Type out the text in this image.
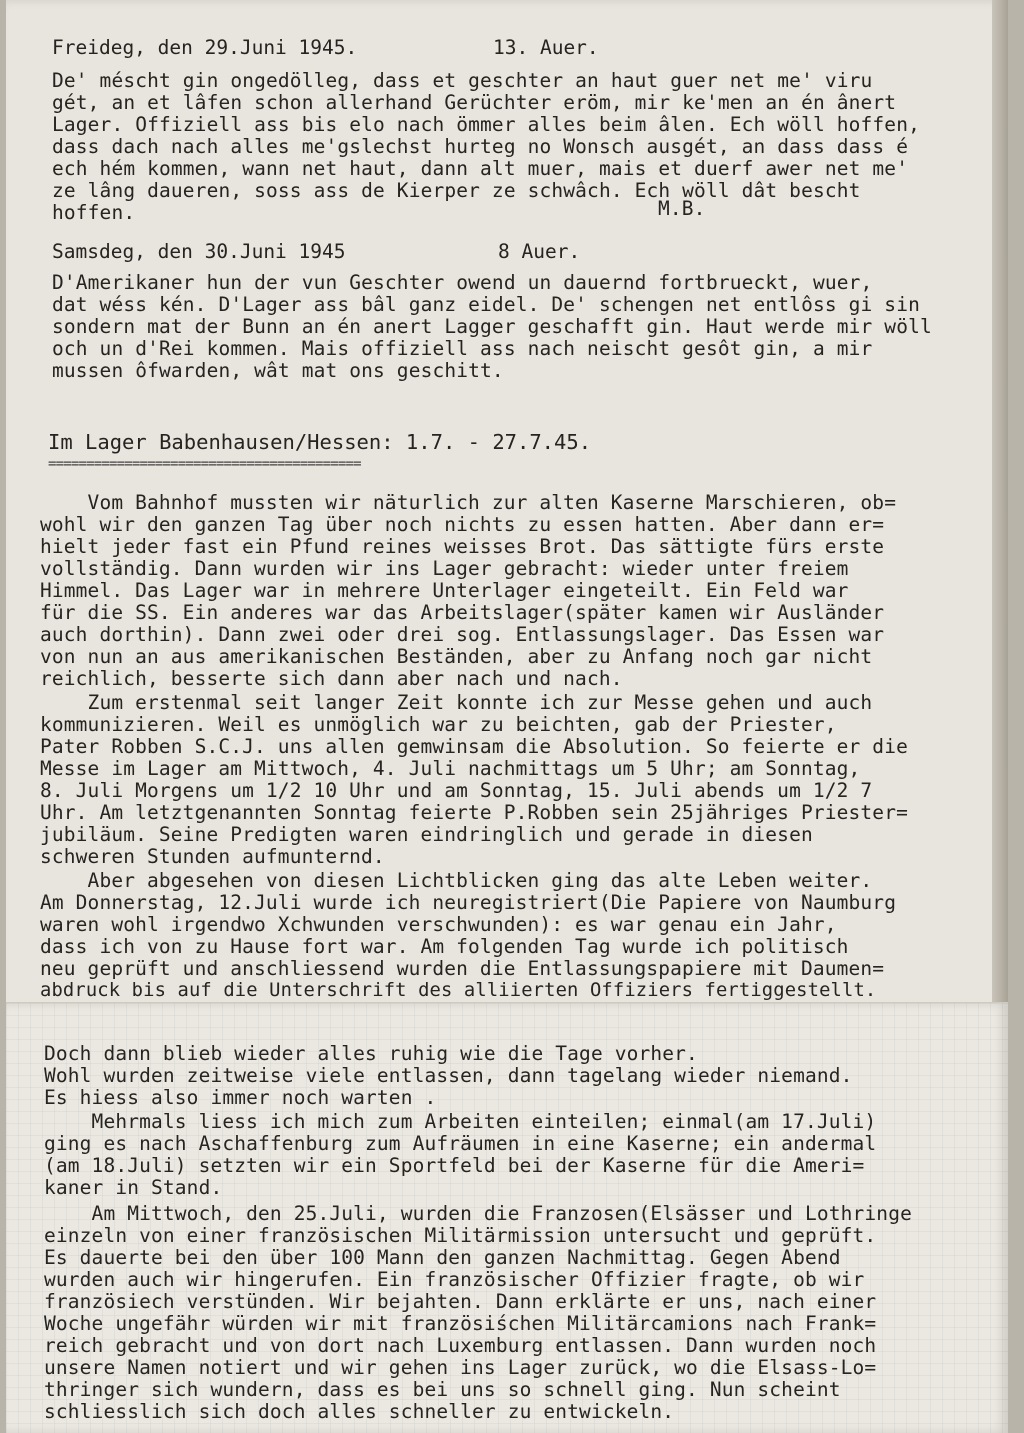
Freideg, den 29.Juni 1945.	13. Auer.

De' méscht gin ongedölleg, dass et geschter an haut guer net me' viru

gét, an et lâfen schon allerhand Gerüchter eröm, mir ke'men an én ânert

Lager. Offiziell ass bis elo nach ömmer alles beim âlen. Ech wöll hoffen,

dass dach nach alles me'gslechst hurteg no Wonsch ausgét, an dass dass é

ech hém kommen, wann net haut, dann alt muer, mais et duerf awer net me'

ze lâng daueren, soss ass de Kierper ze schwâch. Ech wöll dât bescht

hoffen.	M.B.

Samsdeg, den 30.Juni 1945	8 Auer.

D'Amerikaner hun der vun Geschter owend un dauernd fortbrueckt, wuer,

dat wéss kén. D'Lager ass bâl ganz eidel. De' schengen net entlôss gi sin

sondern mat der Bunn an én anert Lagger geschafft gin. Haut werde mir wöll

och un d'Rei kommen. Mais offiziell ass nach neischt gesôt gin, a mir

mussen ôfwarden, wât mat ons geschitt.

Im Lager Babenhausen/Hessen: 1.7. - 27.7.45.

=========================================

Vom Bahnhof mussten wir näturlich zur alten Kaserne Marschieren, ob=

wohl wir den ganzen Tag über noch nichts zu essen hatten. Aber dann er=

hielt jeder fast ein Pfund reines weisses Brot. Das sättigte fürs erste

vollständig. Dann wurden wir ins Lager gebracht: wieder unter freiem

Himmel. Das Lager war in mehrere Unterlager eingeteilt. Ein Feld war

für die SS. Ein anderes war das Arbeitslager(später kamen wir Ausländer

auch dorthin). Dann zwei oder drei sog. Entlassungslager. Das Essen war

von nun an aus amerikanischen Beständen, aber zu Anfang noch gar nicht

reichlich, besserte sich dann aber nach und nach.

Zum erstenmal seit langer Zeit konnte ich zur Messe gehen und auch

kommunizieren. Weil es unmöglich war zu beichten, gab der Priester,

Pater Robben S.C.J. uns allen gemwinsam die Absolution. So feierte er die

Messe im Lager am Mittwoch, 4. Juli nachmittags um 5 Uhr; am Sonntag,

8. Juli Morgens um 1/2 10 Uhr und am Sonntag, 15. Juli abends um 1/2 7

Uhr. Am letztgenannten Sonntag feierte P.Robben sein 25jähriges Priester=

jubiläum. Seine Predigten waren eindringlich und gerade in diesen

schweren Stunden aufmunternd.

Aber abgesehen von diesen Lichtblicken ging das alte Leben weiter.

Am Donnerstag, 12.Juli wurde ich neuregistriert(Die Papiere von Naumburg

waren wohl irgendwo Xchwunden verschwunden): es war genau ein Jahr,

dass ich von zu Hause fort war. Am folgenden Tag wurde ich politisch

neu geprüft und anschliessend wurden die Entlassungspapiere mit Daumen=

abdruck bis auf die Unterschrift des alliierten Offiziers fertiggestellt.

Doch dann blieb wieder alles ruhig wie die Tage vorher.

Wohl wurden zeitweise viele entlassen, dann tagelang wieder niemand.

Es hiess also immer noch warten .

Mehrmals liess ich mich zum Arbeiten einteilen; einmal(am 17.Juli)

ging es nach Aschaffenburg zum Aufräumen in eine Kaserne; ein andermal

(am 18.Juli) setzten wir ein Sportfeld bei der Kaserne für die Ameri=

kaner in Stand.

Am Mittwoch, den 25.Juli, wurden die Franzosen(Elsässer und Lothringe

einzeln von einer französischen Militärmission untersucht und geprüft.

Es dauerte bei den über 100 Mann den ganzen Nachmittag. Gegen Abend

wurden auch wir hingerufen. Ein französischer Offizier fragte, ob wir

französiech verstünden. Wir bejahten. Dann erklärte er uns, nach einer

Woche ungefähr würden wir mit französiśchen Militärcamions nach Frank=

reich gebracht und von dort nach Luxemburg entlassen. Dann wurden noch

unsere Namen notiert und wir gehen ins Lager zurück, wo die Elsass-Lo=

thringer sich wundern, dass es bei uns so schnell ging. Nun scheint

schliesslich sich doch alles schneller zu entwickeln.
